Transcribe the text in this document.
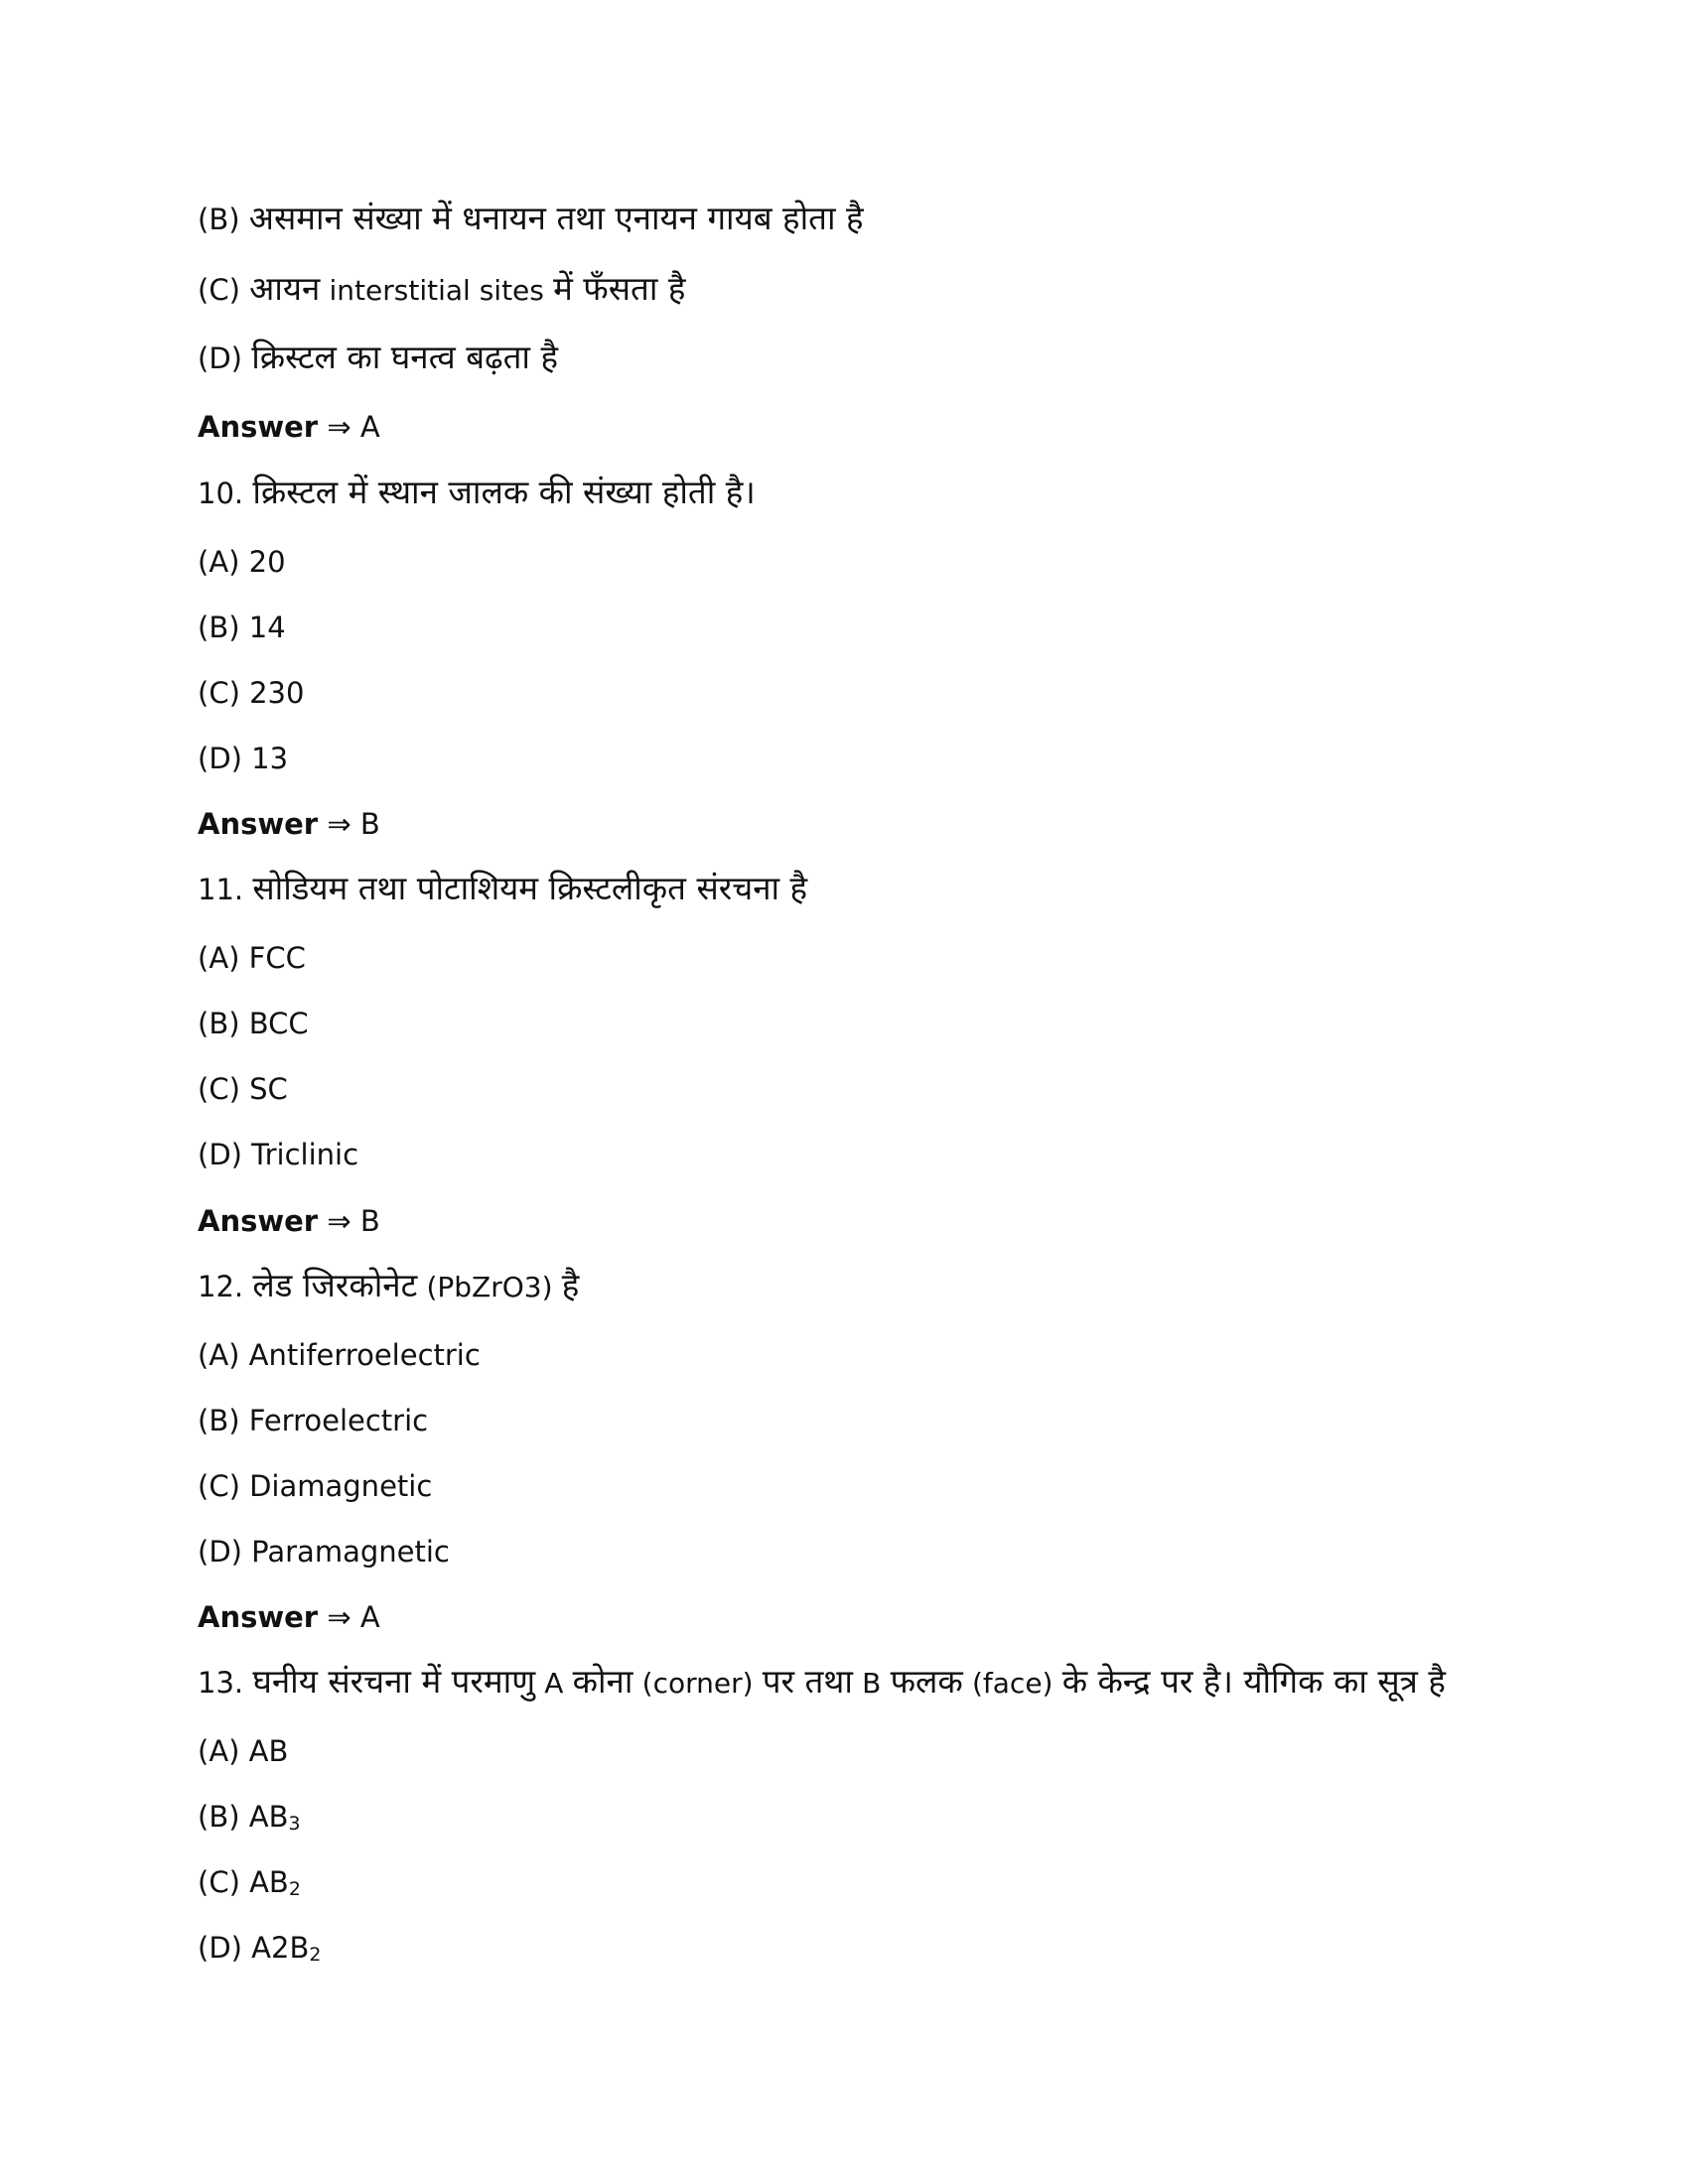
(B) असमान संख्या में धनायन तथा एनायन गायब होता है
(C) आयन interstitial sites में फँसता है
(D) क्रिस्टल का घनत्व बढ़ता है
Answer ⇒ A
10. क्रिस्टल में स्थान जालक की संख्या होती है।
(A) 20
(B) 14
(C) 230
(D) 13
Answer ⇒ B
11. सोडियम तथा पोटाशियम क्रिस्टलीकृत संरचना है
(A) FCC
(B) BCC
(C) SC
(D) Triclinic
Answer ⇒ B
12. लेड जिरकोनेट (PbZrO3) है
(A) Antiferroelectric
(B) Ferroelectric
(C) Diamagnetic
(D) Paramagnetic
Answer ⇒ A
13. घनीय संरचना में परमाणु A कोना (corner) पर तथा B फलक (face) के केन्द्र पर है। यौगिक का सूत्र है
(A) AB
(B) $AB_3$
(C) $AB_2$
(D) $A2B_2$
